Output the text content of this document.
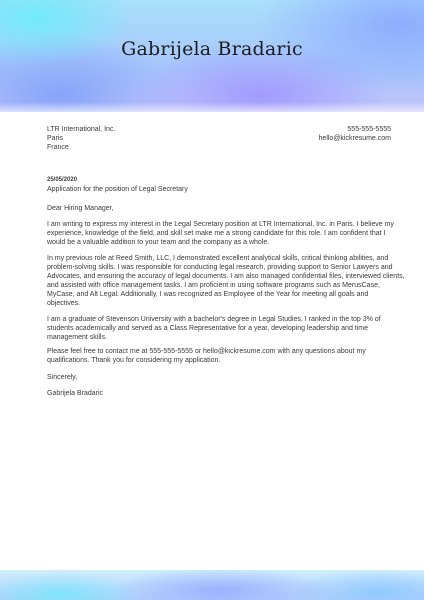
Gabrijela Bradaric
LTR International, Inc.
Paris
France
555-555-5555
hello@kickresume.com
25/05/2020
Application for the position of Legal Secretary
Dear Hiring Manager,
I am writing to express my interest in the Legal Secretary position at LTR International, Inc. in Paris. I believe my
experience, knowledge of the field, and skill set make me a strong candidate for this role. I am confident that I
would be a valuable addition to your team and the company as a whole.
In my previous role at Reed Smith, LLC, I demonstrated excellent analytical skills, critical thinking abilities, and
problem-solving skills. I was responsible for conducting legal research, providing support to Senior Lawyers and
Advocates, and ensuring the accuracy of legal documents. I am also managed confidential files, interviewed clients,
and assisted with office management tasks. I am proficient in using software programs such as MerusCase,
MyCase, and Alt Legal. Additionally, I was recognized as Employee of the Year for meeting all goals and
objectives.
I am a graduate of Stevenson University with a bachelor's degree in Legal Studies. I ranked in the top 3% of
students academically and served as a Class Representative for a year, developing leadership and time
management skills.
Please feel free to contact me at 555-555-5555 or hello@kickresume.com with any questions about my
qualifications. Thank you for considering my application.
Sincerely,
Gabrijela Bradaric
